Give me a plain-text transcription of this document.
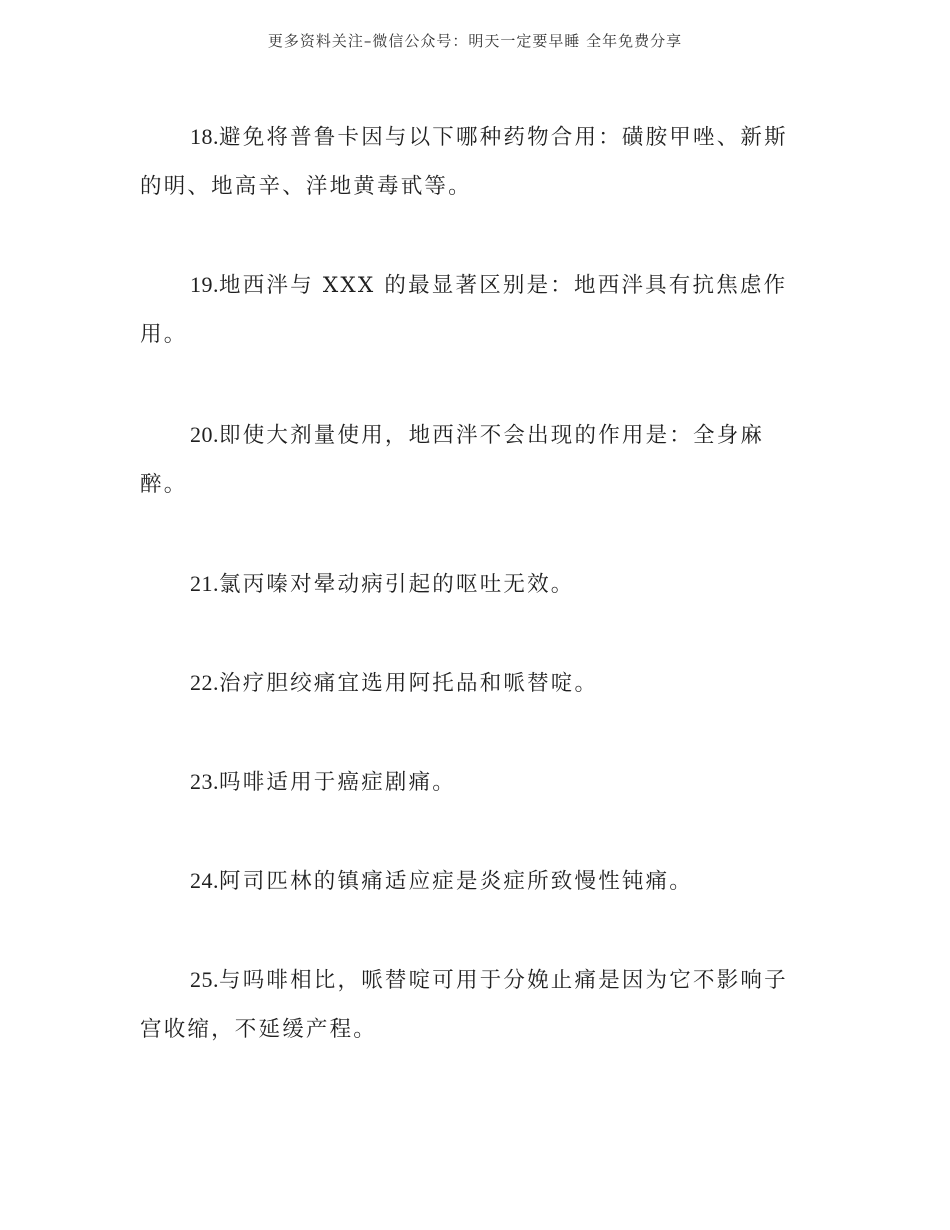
更多资料关注–微信公众号：明天一定要早睡 全年免费分享

18.避免将普鲁卡因与以下哪种药物合用：磺胺甲唑、新斯的明、地高辛、洋地黄毒甙等。

19.地西泮与 XXX 的最显著区别是：地西泮具有抗焦虑作用。

20.即使大剂量使用，地西泮不会出现的作用是：全身麻醉。

21.氯丙嗪对晕动病引起的呕吐无效。

22.治疗胆绞痛宜选用阿托品和哌替啶。

23.吗啡适用于癌症剧痛。

24.阿司匹林的镇痛适应症是炎症所致慢性钝痛。

25.与吗啡相比，哌替啶可用于分娩止痛是因为它不影响子宫收缩，不延缓产程。
